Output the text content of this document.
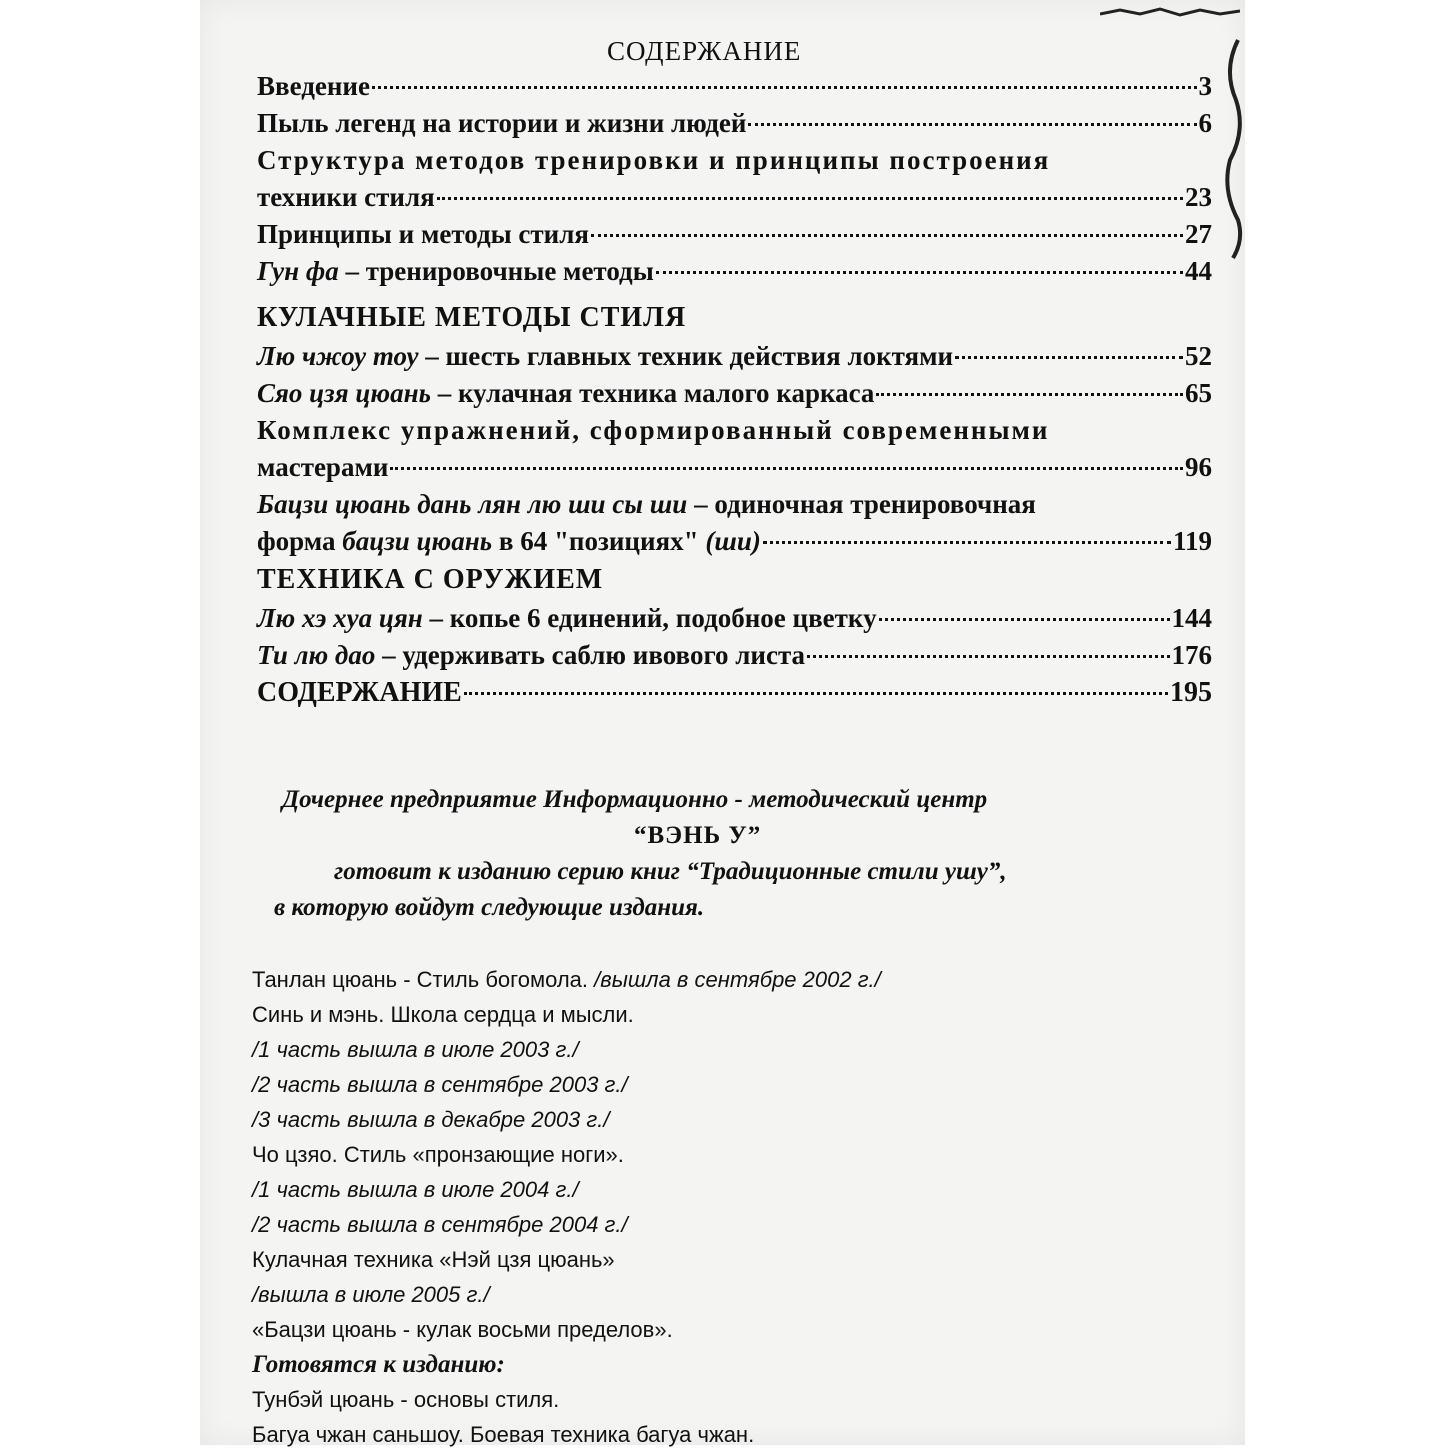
СОДЕРЖАНИЕ
Введение	3
Пыль легенд на истории и жизни людей	6
Структура методов тренировки и принципы построения
техники стиля	23
Принципы и методы стиля	27
Гун фа – тренировочные методы	44
КУЛАЧНЫЕ МЕТОДЫ СТИЛЯ
Лю чжоу тоу – шесть главных техник действия локтями	52
Сяо цзя цюань – кулачная техника малого каркаса	65
Комплекс упражнений, сформированный современными
мастерами	96
Бацзи цюань дань лян лю ши сы ши – одиночная тренировочная
форма бацзи цюань в 64 "позициях" (ши)	119
ТЕХНИКА С ОРУЖИЕМ
Лю хэ хуа цян – копье 6 единений, подобное цветку	144
Ти лю дао – удерживать саблю ивового листа	176
СОДЕРЖАНИЕ	195
Дочернее предприятие Информационно - методический центр
“ВЭНЬ У”
готовит к изданию серию книг “Традиционные стили ушу”,
в которую войдут следующие издания.
Танлан цюань - Стиль богомола. /вышла в сентябре 2002 г./
Синь и мэнь. Школа сердца и мысли.
/1 часть вышла в июле 2003 г./
/2 часть вышла в сентябре 2003 г./
/3 часть вышла в декабре 2003 г./
Чо цзяо. Стиль «пронзающие ноги».
/1 часть вышла в июле 2004 г./
/2 часть вышла в сентябре 2004 г./
Кулачная техника «Нэй цзя цюань»
/вышла в июле 2005 г./
«Бацзи цюань - кулак восьми пределов».
Готовятся к изданию:
Тунбэй цюань - основы стиля.
Багуа чжан саньшоу. Боевая техника багуа чжан.
